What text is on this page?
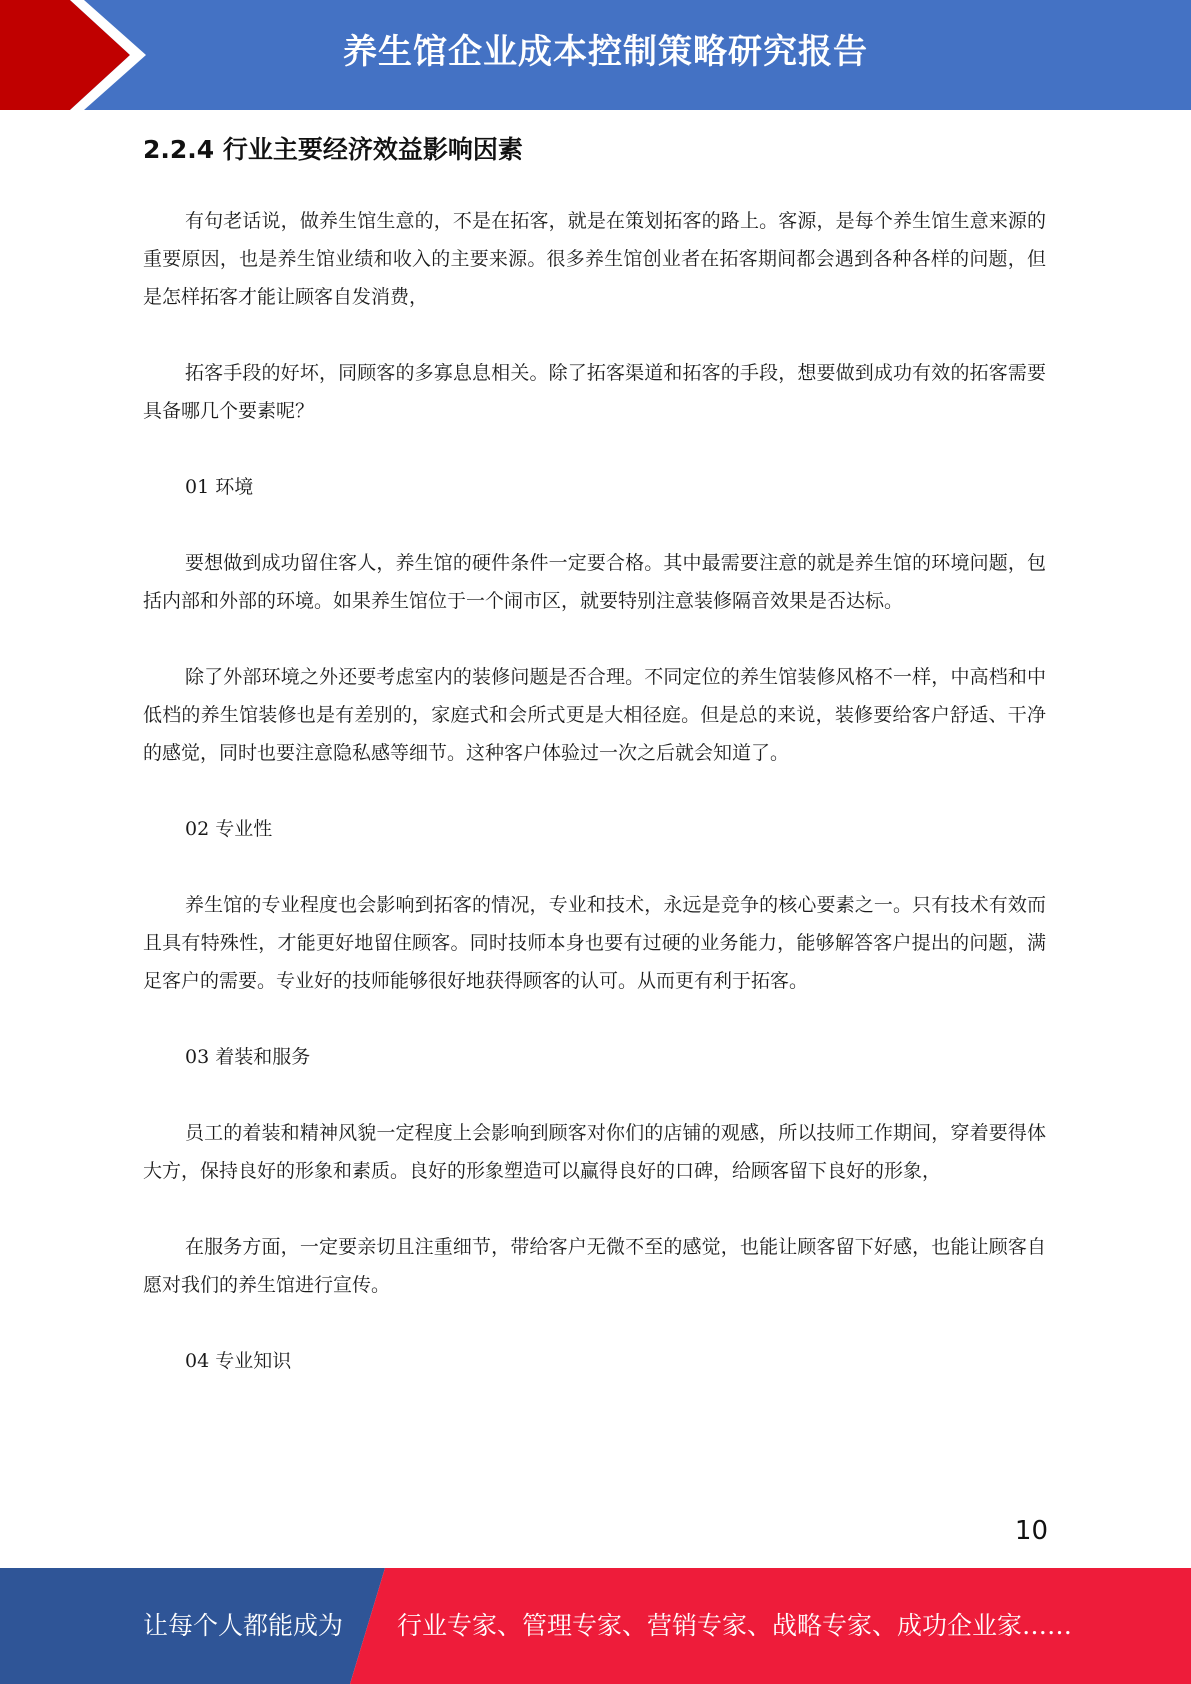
养生馆企业成本控制策略研究报告
2.2.4 行业主要经济效益影响因素

有句老话说，做养生馆生意的，不是在拓客，就是在策划拓客的路上。客源，是每个养生馆生意来源的重要原因，也是养生馆业绩和收入的主要来源。很多养生馆创业者在拓客期间都会遇到各种各样的问题，但是怎样拓客才能让顾客自发消费，

拓客手段的好坏，同顾客的多寡息息相关。除了拓客渠道和拓客的手段，想要做到成功有效的拓客需要具备哪几个要素呢？

01 环境

要想做到成功留住客人，养生馆的硬件条件一定要合格。其中最需要注意的就是养生馆的环境问题，包括内部和外部的环境。如果养生馆位于一个闹市区，就要特别注意装修隔音效果是否达标。

除了外部环境之外还要考虑室内的装修问题是否合理。不同定位的养生馆装修风格不一样，中高档和中低档的养生馆装修也是有差别的，家庭式和会所式更是大相径庭。但是总的来说，装修要给客户舒适、干净的感觉，同时也要注意隐私感等细节。这种客户体验过一次之后就会知道了。

02 专业性

养生馆的专业程度也会影响到拓客的情况，专业和技术，永远是竞争的核心要素之一。只有技术有效而且具有特殊性，才能更好地留住顾客。同时技师本身也要有过硬的业务能力，能够解答客户提出的问题，满足客户的需要。专业好的技师能够很好地获得顾客的认可。从而更有利于拓客。

03 着装和服务

员工的着装和精神风貌一定程度上会影响到顾客对你们的店铺的观感，所以技师工作期间，穿着要得体大方，保持良好的形象和素质。良好的形象塑造可以赢得良好的口碑，给顾客留下良好的形象，

在服务方面，一定要亲切且注重细节，带给客户无微不至的感觉，也能让顾客留下好感，也能让顾客自愿对我们的养生馆进行宣传。

04 专业知识

10
让每个人都能成为 行业专家、管理专家、营销专家、战略专家、成功企业家……
